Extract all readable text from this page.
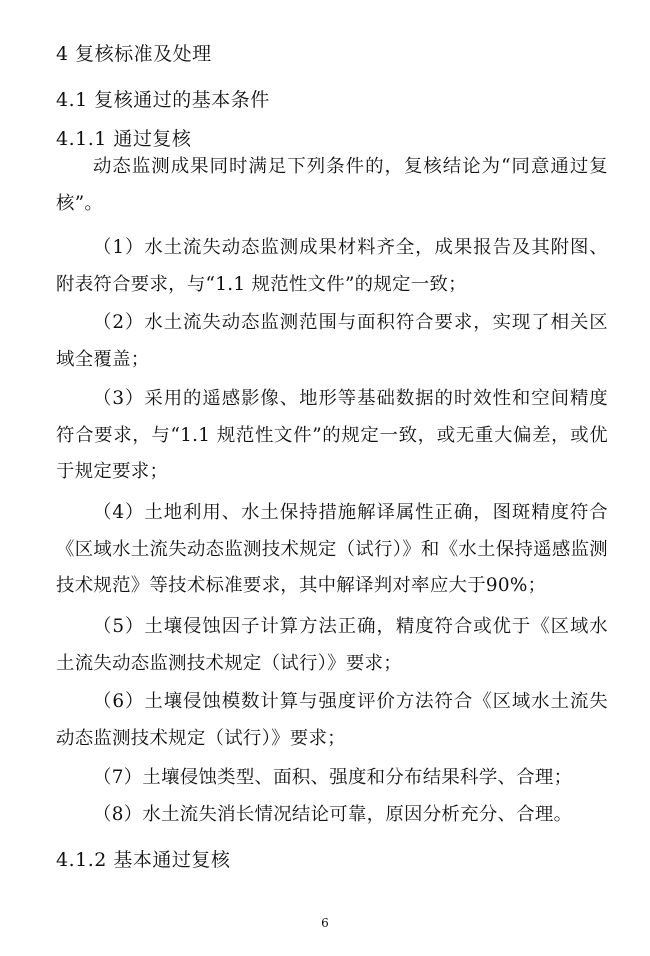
4 复核标准及处理
4.1 复核通过的基本条件
4.1.1 通过复核
动态监测成果同时满足下列条件的，复核结论为“同意通过复核”。
（1）水土流失动态监测成果材料齐全，成果报告及其附图、附表符合要求，与“1.1 规范性文件”的规定一致；
（2）水土流失动态监测范围与面积符合要求，实现了相关区域全覆盖；
（3）采用的遥感影像、地形等基础数据的时效性和空间精度符合要求，与“1.1 规范性文件”的规定一致，或无重大偏差，或优于规定要求；
（4）土地利用、水土保持措施解译属性正确，图斑精度符合《区域水土流失动态监测技术规定（试行）》和《水土保持遥感监测技术规范》等技术标准要求，其中解译判对率应大于90%；
（5）土壤侵蚀因子计算方法正确，精度符合或优于《区域水土流失动态监测技术规定（试行）》要求；
（6）土壤侵蚀模数计算与强度评价方法符合《区域水土流失动态监测技术规定（试行）》要求；
（7）土壤侵蚀类型、面积、强度和分布结果科学、合理；
（8）水土流失消长情况结论可靠，原因分析充分、合理。
4.1.2 基本通过复核
6
